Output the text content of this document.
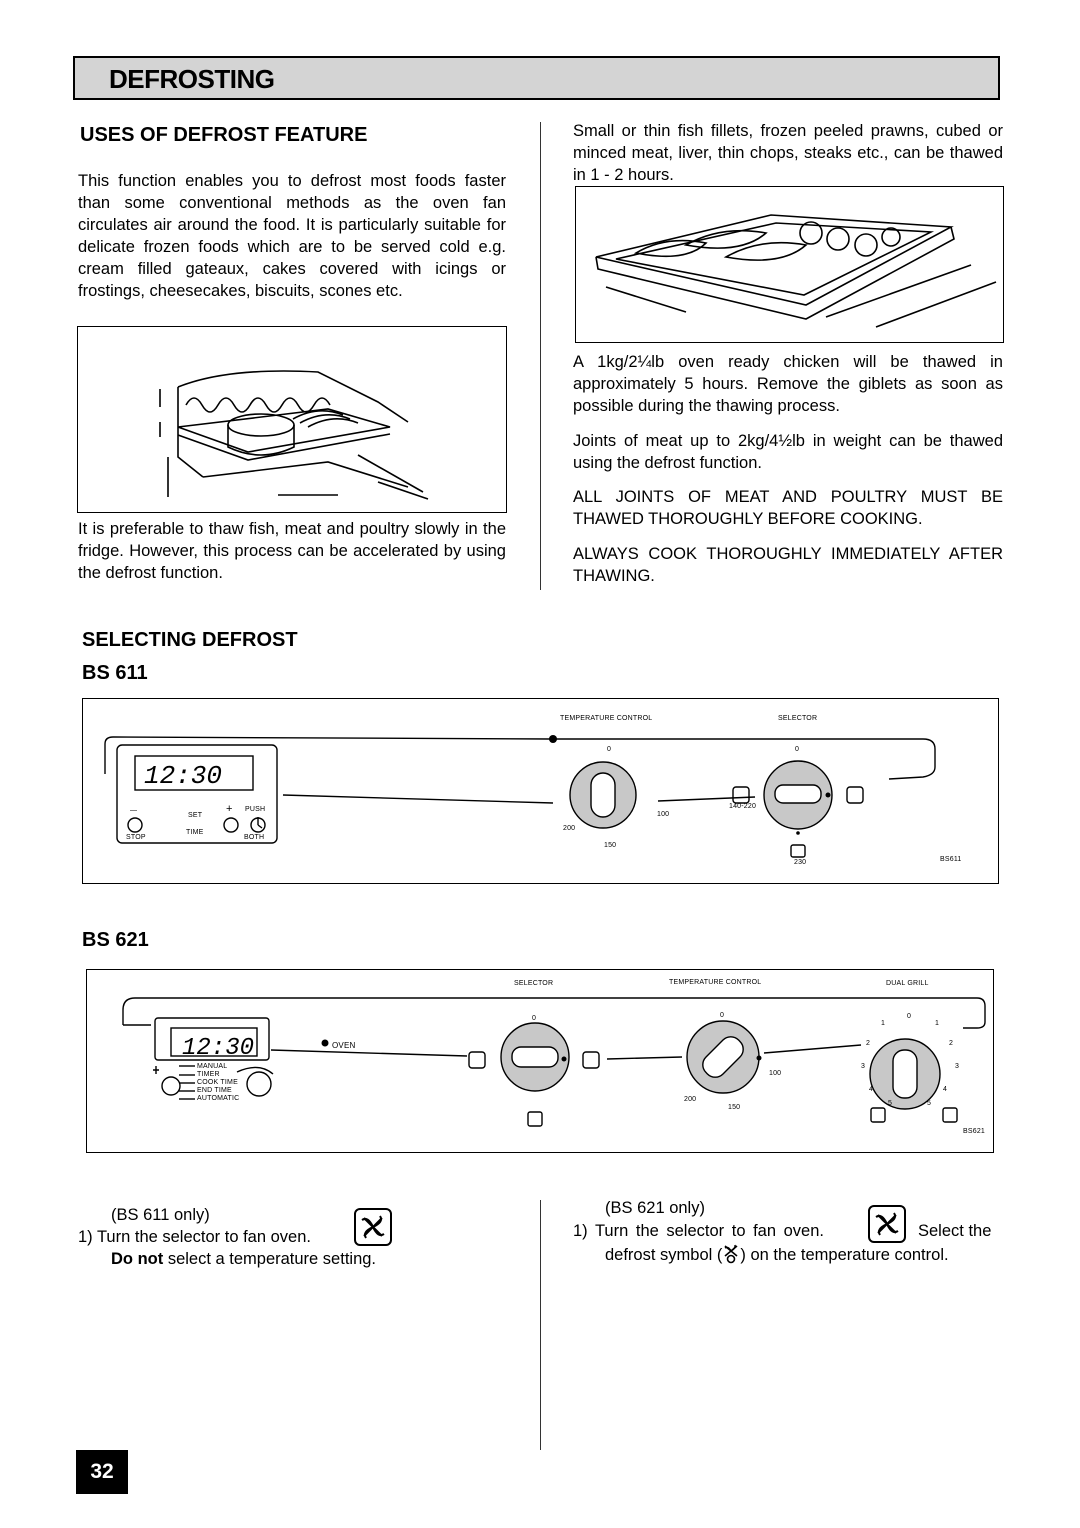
DEFROSTING
USES OF DEFROST FEATURE
This function enables you to defrost most foods faster than some conventional methods as the oven fan circulates air around the food. It is particularly suitable for delicate frozen foods which are to be served cold e.g. cream filled gateaux, cakes covered with icings or frostings, cheesecakes, biscuits, scones etc.
It is preferable to thaw fish, meat and poultry slowly in the fridge. However, this process can be accelerated by using the defrost function.
Small or thin fish fillets, frozen peeled prawns, cubed or minced meat, liver, thin chops, steaks etc., can be thawed in 1 - 2 hours.
A 1kg/2¼lb oven ready chicken will be thawed in approximately 5 hours. Remove the giblets as soon as possible during the thawing process.
Joints of meat up to 2kg/4½lb in weight can be thawed using the defrost function.
ALL JOINTS OF MEAT AND POULTRY MUST BE THAWED THOROUGHLY BEFORE COOKING.
ALWAYS COOK THOROUGHLY IMMEDIATELY AFTER THAWING.
SELECTING DEFROST
BS 611
12:30
TEMPERATURE CONTROL	SELECTOR
—
SET
+ PUSH
STOP
TIME
BOTH
0
100
150
200
0
140-220
230	BS611
BS 621
12:30
SELECTOR	TEMPERATURE CONTROL	DUAL GRILL
OVEN
MANUAL
TIMER
COOK TIME
END TIME
AUTOMATIC
0	0
100
150
200
0
1	1
2	2
3	3
4	4
5	5
BS621
(BS 611 only)
1) Turn the selector to fan oven.
Do not select a temperature setting.
(BS 621 only)
1) Turn the selector to fan oven.	Select the
defrost symbol ( ) on the temperature control.
32
